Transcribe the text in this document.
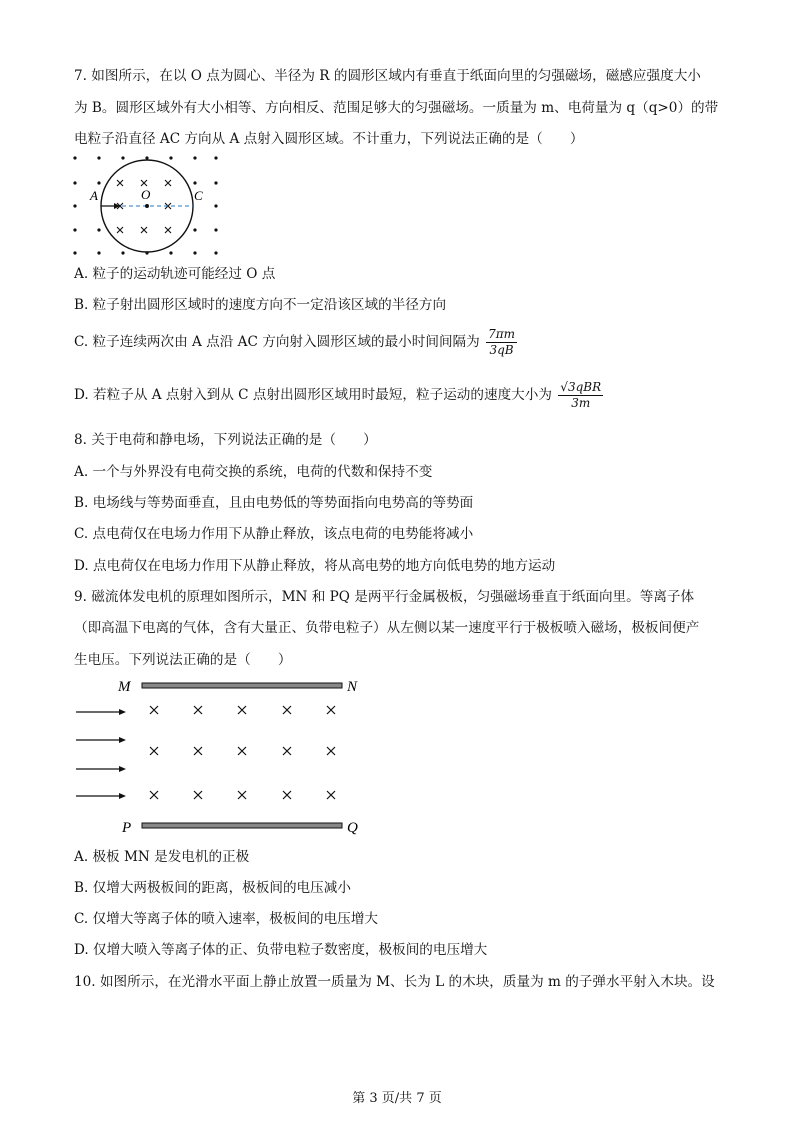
7. 如图所示，在以 O 点为圆心、半径为 R 的圆形区域内有垂直于纸面向里的匀强磁场，磁感应强度大小
为 B。圆形区域外有大小相等、方向相反、范围足够大的匀强磁场。一质量为 m、电荷量为 q（q>0）的带
电粒子沿直径 AC 方向从 A 点射入圆形区域。不计重力，下列说法正确的是（　　）
A	O	C
A. 粒子的运动轨迹可能经过 O 点
B. 粒子射出圆形区域时的速度方向不一定沿该区域的半径方向
C. 粒子连续两次由 A 点沿 AC 方向射入圆形区域的最小时间间隔为 $\frac{7\pi m}{3qB}$
D. 若粒子从 A 点射入到从 C 点射出圆形区域用时最短，粒子运动的速度大小为 $\frac{\text{√3qBR}}{3m}$
8. 关于电荷和静电场，下列说法正确的是（　　）
A. 一个与外界没有电荷交换的系统，电荷的代数和保持不变
B. 电场线与等势面垂直，且由电势低的等势面指向电势高的等势面
C. 点电荷仅在电场力作用下从静止释放，该点电荷的电势能将减小
D. 点电荷仅在电场力作用下从静止释放，将从高电势的地方向低电势的地方运动
9. 磁流体发电机的原理如图所示，MN 和 PQ 是两平行金属极板，匀强磁场垂直于纸面向里。等离子体
（即高温下电离的气体，含有大量正、负带电粒子）从左侧以某一速度平行于极板喷入磁场，极板间便产
生电压。下列说法正确的是（　　）
M	N
P	Q
A. 极板 MN 是发电机的正极
B. 仅增大两极板间的距离，极板间的电压减小
C. 仅增大等离子体的喷入速率，极板间的电压增大
D. 仅增大喷入等离子体的正、负带电粒子数密度，极板间的电压增大
10. 如图所示，在光滑水平面上静止放置一质量为 M、长为 L 的木块，质量为 m 的子弹水平射入木块。设
第 3 页/共 7 页
